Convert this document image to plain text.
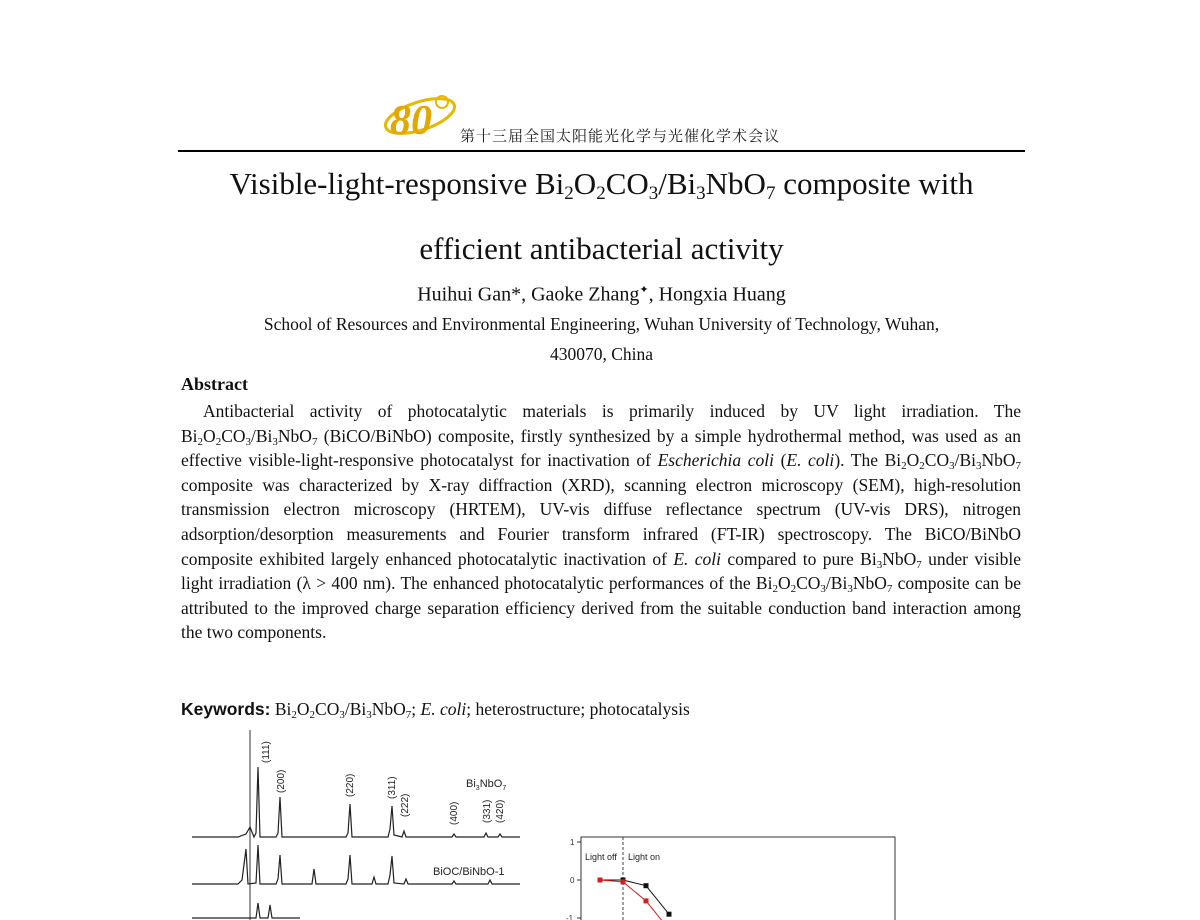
80 第十三届全国太阳能光化学与光催化学术会议
Visible-light-responsive $Bi_2O_2CO_3/Bi_3NbO_7$ composite with
efficient antibacterial activity
Huihui Gan*, Gaoke Zhang✦, Hongxia Huang
School of Resources and Environmental Engineering, Wuhan University of Technology, Wuhan,
430070, China
Abstract
Antibacterial activity of photocatalytic materials is primarily induced by UV light irradiation. The $Bi_2O_2CO_3/Bi_3NbO_7$ (BiCO/BiNbO) composite, firstly synthesized by a simple hydrothermal method, was used as an effective visible-light-responsive photocatalyst for inactivation of Escherichia coli (E. coli). The $Bi_2O_2CO_3/Bi_3NbO_7$ composite was characterized by X-ray diffraction (XRD), scanning electron microscopy (SEM), high-resolution transmission electron microscopy (HRTEM), UV-vis diffuse reflectance spectrum (UV-vis DRS), nitrogen adsorption/desorption measurements and Fourier transform infrared (FT-IR) spectroscopy. The BiCO/BiNbO composite exhibited largely enhanced photocatalytic inactivation of E. coli compared to pure $Bi_3NbO_7$ under visible light irradiation (λ > 400 nm). The enhanced photocatalytic performances of the $Bi_2O_2CO_3/Bi_3NbO_7$ composite can be attributed to the improved charge separation efficiency derived from the suitable conduction band interaction among the two components.
Keywords: $Bi_2O_2CO_3/Bi_3NbO_7$; E. coli; heterostructure; photocatalysis
(111)
(200)	(220)	(311)
(222)	(400) (331) (420)
$Bi_3NbO_7$
BiOC/BiNbO-1
1
0
-1
Light off Light on
